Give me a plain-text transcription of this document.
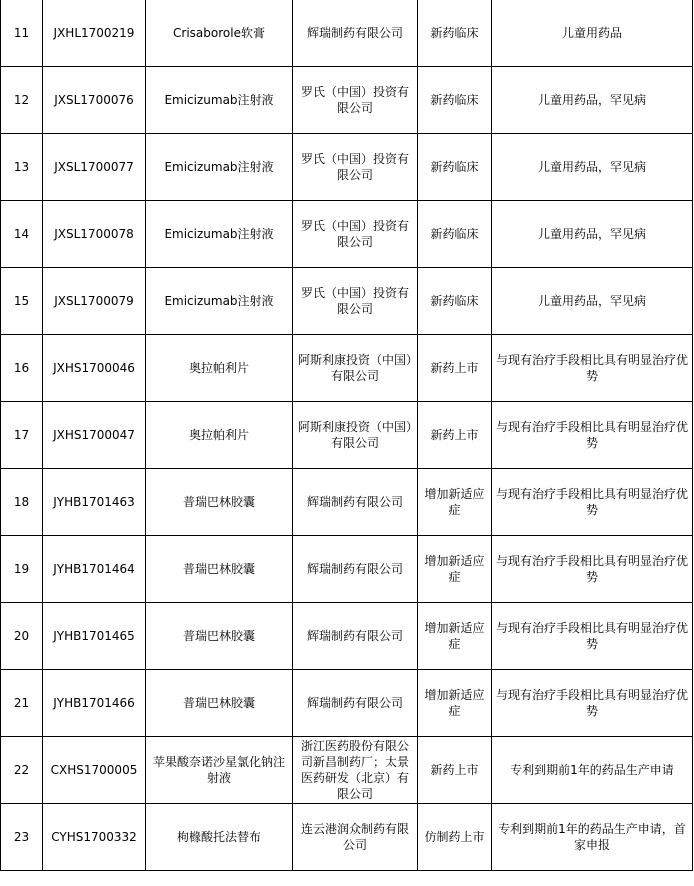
11	JXHL1700219	Crisaborole软膏	辉瑞制药有限公司	新药临床	儿童用药品
12	JXSL1700076	Emicizumab注射液	罗氏（中国）投资有限公司	新药临床	儿童用药品，罕见病
13	JXSL1700077	Emicizumab注射液	罗氏（中国）投资有限公司	新药临床	儿童用药品，罕见病
14	JXSL1700078	Emicizumab注射液	罗氏（中国）投资有限公司	新药临床	儿童用药品，罕见病
15	JXSL1700079	Emicizumab注射液	罗氏（中国）投资有限公司	新药临床	儿童用药品，罕见病
16	JXHS1700046	奥拉帕利片	阿斯利康投资（中国）有限公司	新药上市	与现有治疗手段相比具有明显治疗优势
17	JXHS1700047	奥拉帕利片	阿斯利康投资（中国）有限公司	新药上市	与现有治疗手段相比具有明显治疗优势
18	JYHB1701463	普瑞巴林胶囊	辉瑞制药有限公司	增加新适应症	与现有治疗手段相比具有明显治疗优势
19	JYHB1701464	普瑞巴林胶囊	辉瑞制药有限公司	增加新适应症	与现有治疗手段相比具有明显治疗优势
20	JYHB1701465	普瑞巴林胶囊	辉瑞制药有限公司	增加新适应症	与现有治疗手段相比具有明显治疗优势
21	JYHB1701466	普瑞巴林胶囊	辉瑞制药有限公司	增加新适应症	与现有治疗手段相比具有明显治疗优势
22	CXHS1700005	苹果酸奈诺沙星氯化钠注射液	浙江医药股份有限公司新昌制药厂；太景医药研发（北京）有限公司	新药上市	专利到期前1年的药品生产申请
23	CYHS1700332	枸橼酸托法替布	连云港润众制药有限公司	仿制药上市	专利到期前1年的药品生产申请，首家申报
